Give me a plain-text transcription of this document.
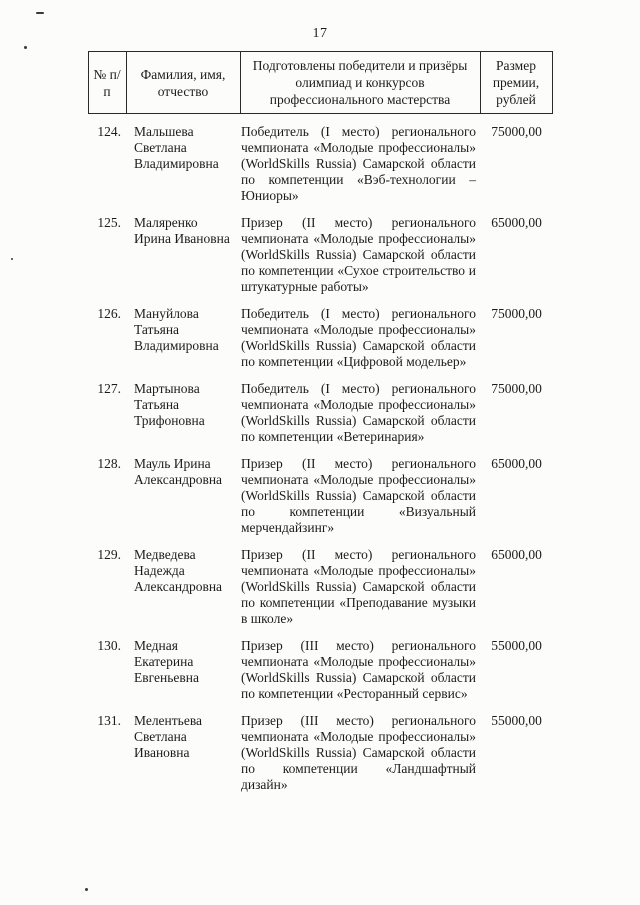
17
№ п/п	Фамилия, имя, отчество	Подготовлены победители и призёры олимпиад и конкурсов профессионального мастерства	Размер премии, рублей
124.	Мальшева Светлана Владимировна	Победитель (I место) регионального чемпионата «Молодые профессионалы» (WorldSkills Russia) Самарской области по компетенции «Вэб-технологии – Юниоры»	75000,00
125.	Маляренко Ирина Ивановна	Призер (II место) регионального чемпионата «Молодые профессионалы» (WorldSkills Russia) Самарской области по компетенции «Сухое строительство и штукатурные работы»	65000,00
126.	Мануйлова Татьяна Владимировна	Победитель (I место) регионального чемпионата «Молодые профессионалы» (WorldSkills Russia) Самарской области по компетенции «Цифровой модельер»	75000,00
127.	Мартынова Татьяна Трифоновна	Победитель (I место) регионального чемпионата «Молодые профессионалы» (WorldSkills Russia) Самарской области по компетенции «Ветеринария»	75000,00
128.	Мауль Ирина Александровна	Призер (II место) регионального чемпионата «Молодые профессионалы» (WorldSkills Russia) Самарской области по компетенции «Визуальный мерчендайзинг»	65000,00
129.	Медведева Надежда Александровна	Призер (II место) регионального чемпионата «Молодые профессионалы» (WorldSkills Russia) Самарской области по компетенции «Преподавание музыки в школе»	65000,00
130.	Медная Екатерина Евгеньевна	Призер (III место) регионального чемпионата «Молодые профессионалы» (WorldSkills Russia) Самарской области по компетенции «Ресторанный сервис»	55000,00
131.	Мелентьева Светлана Ивановна	Призер (III место) регионального чемпионата «Молодые профессионалы» (WorldSkills Russia) Самарской области по компетенции «Ландшафтный дизайн»	55000,00
